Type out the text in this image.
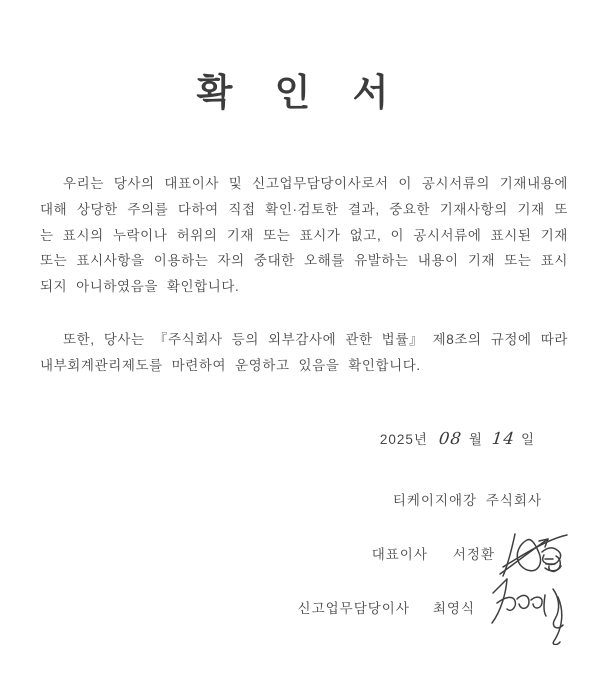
확 인 서

우리는 당사의 대표이사 및 신고업무담당이사로서 이 공시서류의 기재내용에 대해 상당한 주의를 다하여 직접 확인·검토한 결과, 중요한 기재사항의 기재 또는 표시의 누락이나 허위의 기재 또는 표시가 없고, 이 공시서류에 표시된 기재 또는 표시사항을 이용하는 자의 중대한 오해를 유발하는 내용이 기재 또는 표시되지 아니하였음을 확인합니다.

또한, 당사는 『주식회사 등의 외부감사에 관한 법률』 제8조의 규정에 따라 내부회계관리제도를 마련하여 운영하고 있음을 확인합니다.

2025년 08 월 14 일
티케이지애강 주식회사
대표이사 서정환
신고업무담당이사 최영식
